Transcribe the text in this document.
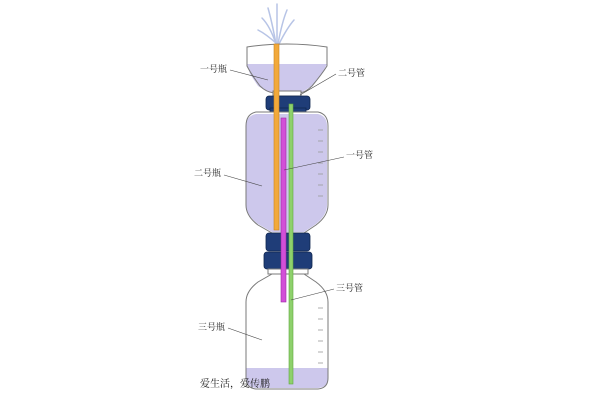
一号瓶	二号管
一号管
二号瓶
三号管
三号瓶
爱生活，爱传鹏
